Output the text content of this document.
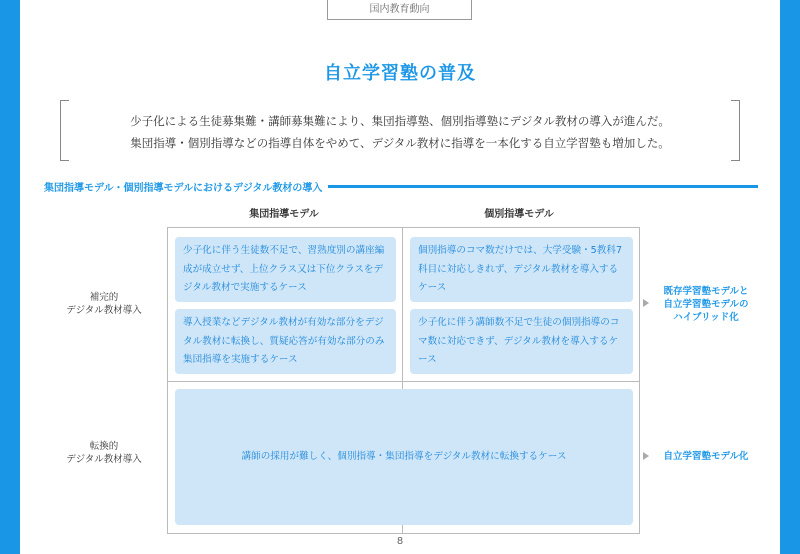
国内教育動向
自立学習塾の普及
少子化による生徒募集難・講師募集難により、集団指導塾、個別指導塾にデジタル教材の導入が進んだ。
集団指導・個別指導などの指導自体をやめて、デジタル教材に指導を一本化する自立学習塾も増加した。
集団指導モデル・個別指導モデルにおけるデジタル教材の導入
集団指導モデル	個別指導モデル
補完的
デジタル教材導入
転換的
デジタル教材導入
少子化に伴う生徒数不足で、習熟度別の講座編成が成立せず、上位クラス又は下位クラスをデジタル教材で実施するケース
個別指導のコマ数だけでは、大学受験・5教科7科目に対応しきれず、デジタル教材を導入するケース
導入授業などデジタル教材が有効な部分をデジタル教材に転換し、質疑応答が有効な部分のみ集団指導を実施するケース
少子化に伴う講師数不足で生徒の個別指導のコマ数に対応できず、デジタル教材を導入するケース
講師の採用が難しく、個別指導・集団指導をデジタル教材に転換するケース
既存学習塾モデルと
自立学習塾モデルの
ハイブリッド化
自立学習塾モデル化
8
